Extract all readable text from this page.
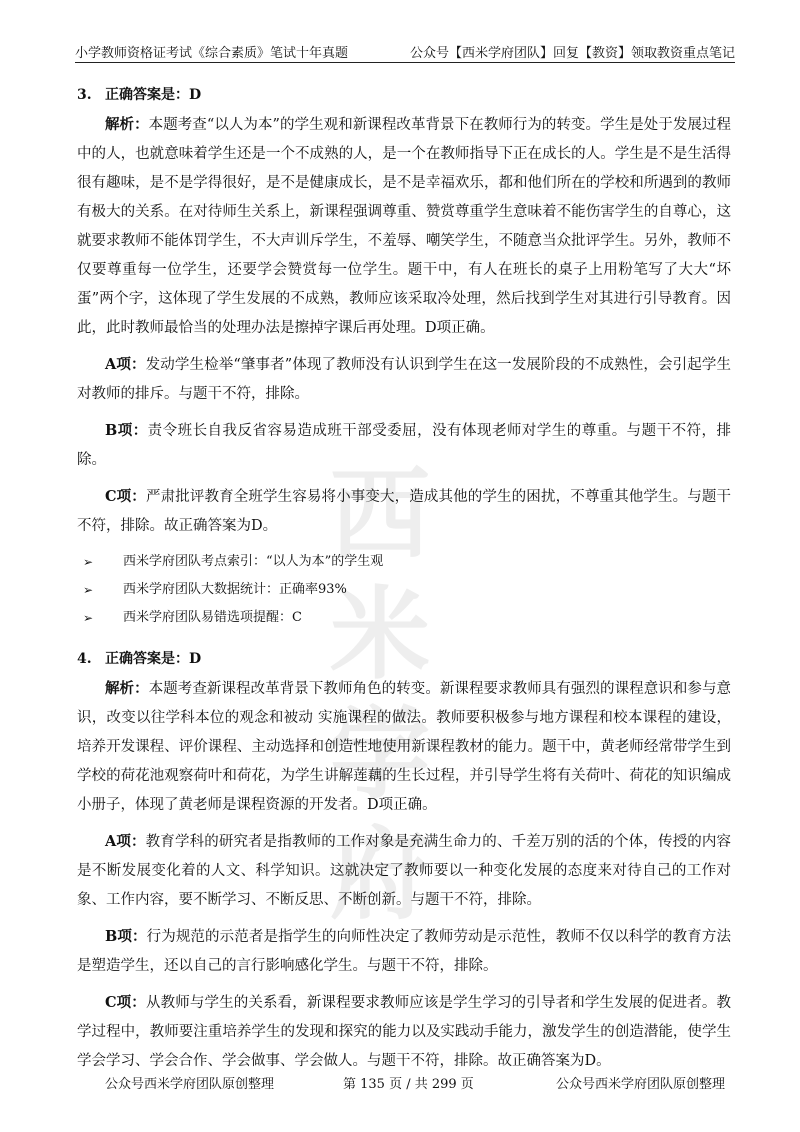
小学教师资格证考试《综合素质》笔试十年真题	公众号【西米学府团队】回复【教资】领取教资重点笔记
西米
学府

3. 正确答案是：D

解析：本题考查“以人为本”的学生观和新课程改革背景下在教师行为的转变。学生是处于发展过程中的人，也就意味着学生还是一个不成熟的人，是一个在教师指导下正在成长的人。学生是不是生活得很有趣味，是不是学得很好，是不是健康成长，是不是幸福欢乐，都和他们所在的学校和所遇到的教师有极大的关系。在对待师生关系上，新课程强调尊重、赞赏尊重学生意味着不能伤害学生的自尊心，这就要求教师不能体罚学生，不大声训斥学生，不羞辱、嘲笑学生，不随意当众批评学生。另外，教师不仅要尊重每一位学生，还要学会赞赏每一位学生。题干中，有人在班长的桌子上用粉笔写了大大“坏蛋”两个字，这体现了学生发展的不成熟，教师应该采取冷处理，然后找到学生对其进行引导教育。因此，此时教师最恰当的处理办法是擦掉字课后再处理。D项正确。

A项：发动学生检举“肇事者”体现了教师没有认识到学生在这一发展阶段的不成熟性，会引起学生对教师的排斥。与题干不符，排除。

B项：责令班长自我反省容易造成班干部受委屈，没有体现老师对学生的尊重。与题干不符，排除。

C项：严肃批评教育全班学生容易将小事变大，造成其他的学生的困扰，不尊重其他学生。与题干不符，排除。故正确答案为D。

➢ 西米学府团队考点索引：“以人为本”的学生观
➢ 西米学府团队大数据统计：正确率93%
➢ 西米学府团队易错选项提醒：C

4. 正确答案是：D

解析：本题考查新课程改革背景下教师角色的转变。新课程要求教师具有强烈的课程意识和参与意识，改变以往学科本位的观念和被动 实施课程的做法。教师要积极参与地方课程和校本课程的建设，培养开发课程、评价课程、主动选择和创造性地使用新课程教材的能力。题干中，黄老师经常带学生到学校的荷花池观察荷叶和荷花，为学生讲解莲藕的生长过程，并引导学生将有关荷叶、荷花的知识编成小册子，体现了黄老师是课程资源的开发者。D项正确。

A项：教育学科的研究者是指教师的工作对象是充满生命力的、千差万别的活的个体，传授的内容是不断发展变化着的人文、科学知识。这就决定了教师要以一种变化发展的态度来对待自己的工作对象、工作内容，要不断学习、不断反思、不断创新。与题干不符，排除。

B项：行为规范的示范者是指学生的向师性决定了教师劳动是示范性，教师不仅以科学的教育方法是塑造学生，还以自己的言行影响感化学生。与题干不符，排除。

C项：从教师与学生的关系看，新课程要求教师应该是学生学习的引导者和学生发展的促进者。教学过程中，教师要注重培养学生的发现和探究的能力以及实践动手能力，激发学生的创造潜能，使学生学会学习、学会合作、学会做事、学会做人。与题干不符，排除。故正确答案为D。

公众号西米学府团队原创整理	第 135 页 / 共 299 页	公众号西米学府团队原创整理
